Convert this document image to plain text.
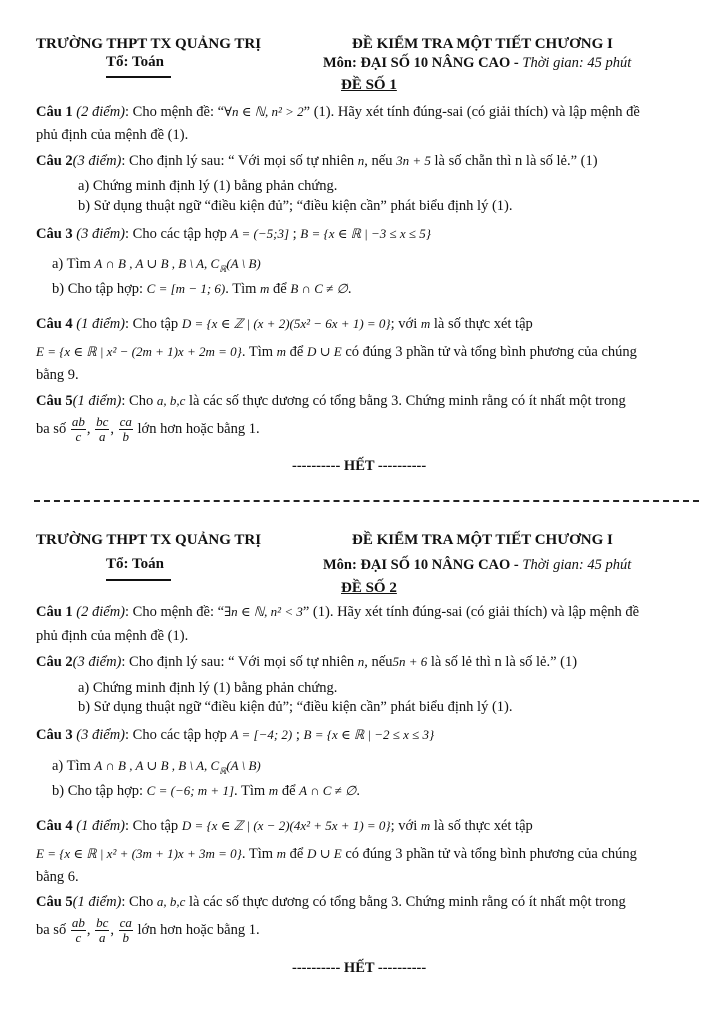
TRƯỜNG THPT TX QUẢNG TRỊ
Tổ: Toán
ĐỀ KIỂM TRA MỘT TIẾT CHƯƠNG I
Môn: ĐẠI SỐ 10 NÂNG CAO - Thời gian: 45 phút
ĐỀ SỐ 1
Câu 1 (2 điểm): Cho mệnh đề: “∀n ∈ ℕ, n² > 2” (1). Hãy xét tính đúng-sai (có giải thích) và lập mệnh đề
phủ định của mệnh đề (1).
Câu 2(3 điểm): Cho định lý sau: “ Với mọi số tự nhiên n, nếu 3n + 5 là số chẵn thì n là số lẻ.” (1)
a) Chứng minh định lý (1) bằng phản chứng.
b) Sử dụng thuật ngữ “điều kiện đủ”; “điều kiện cần” phát biểu định lý (1).
Câu 3 (3 điểm): Cho các tập hợp A = (−5;3] ; B = {x ∈ ℝ | −3 ≤ x ≤ 5}
a) Tìm A ∩ B , A ∪ B , B \ A, $C_ℝ(A$ \ B)
b) Cho tập hợp: C = [m − 1; 6). Tìm m để B ∩ C ≠ ∅.
Câu 4 (1 điểm): Cho tập D = {x ∈ ℤ | (x + 2)(5x² − 6x + 1) = 0}; với m là số thực xét tập
E = {x ∈ ℝ | x² − (2m + 1)x + 2m = 0}. Tìm m để D ∪ E có đúng 3 phần tử và tổng bình phương của chúng
bằng 9.
Câu 5(1 điểm): Cho a, b,c là các số thực dương có tổng bằng 3. Chứng minh rằng có ít nhất một trong
ba số $\frac{ab}{c}$ , $\frac{bc}{a}$ , $\frac{ca}{b}$ lớn hơn hoặc bằng 1.
---------- HẾT ----------
TRƯỜNG THPT TX QUẢNG TRỊ
Tổ: Toán
ĐỀ KIỂM TRA MỘT TIẾT CHƯƠNG I
Môn: ĐẠI SỐ 10 NÂNG CAO - Thời gian: 45 phút
ĐỀ SỐ 2
Câu 1 (2 điểm): Cho mệnh đề: “∃n ∈ ℕ, n² < 3” (1). Hãy xét tính đúng-sai (có giải thích) và lập mệnh đề
phủ định của mệnh đề (1).
Câu 2(3 điểm): Cho định lý sau: “ Với mọi số tự nhiên n, nếu5n + 6 là số lẻ thì n là số lẻ.” (1)
a) Chứng minh định lý (1) bằng phản chứng.
b) Sử dụng thuật ngữ “điều kiện đủ”; “điều kiện cần” phát biểu định lý (1).
Câu 3 (3 điểm): Cho các tập hợp A = [−4; 2) ; B = {x ∈ ℝ | −2 ≤ x ≤ 3}
a) Tìm A ∩ B , A ∪ B , B \ A, $C_ℝ(A$ \ B)
b) Cho tập hợp: C = (−6; m + 1]. Tìm m để A ∩ C ≠ ∅.
Câu 4 (1 điểm): Cho tập D = {x ∈ ℤ | (x − 2)(4x² + 5x + 1) = 0}; với m là số thực xét tập
E = {x ∈ ℝ | x² + (3m + 1)x + 3m = 0}. Tìm m để D ∪ E có đúng 3 phần tử và tổng bình phương của chúng
bằng 6.
Câu 5(1 điểm): Cho a, b,c là các số thực dương có tổng bằng 3. Chứng minh rằng có ít nhất một trong
ba số $\frac{ab}{c}$ , $\frac{bc}{a}$ , $\frac{ca}{b}$ lớn hơn hoặc bằng 1.
---------- HẾT ----------
